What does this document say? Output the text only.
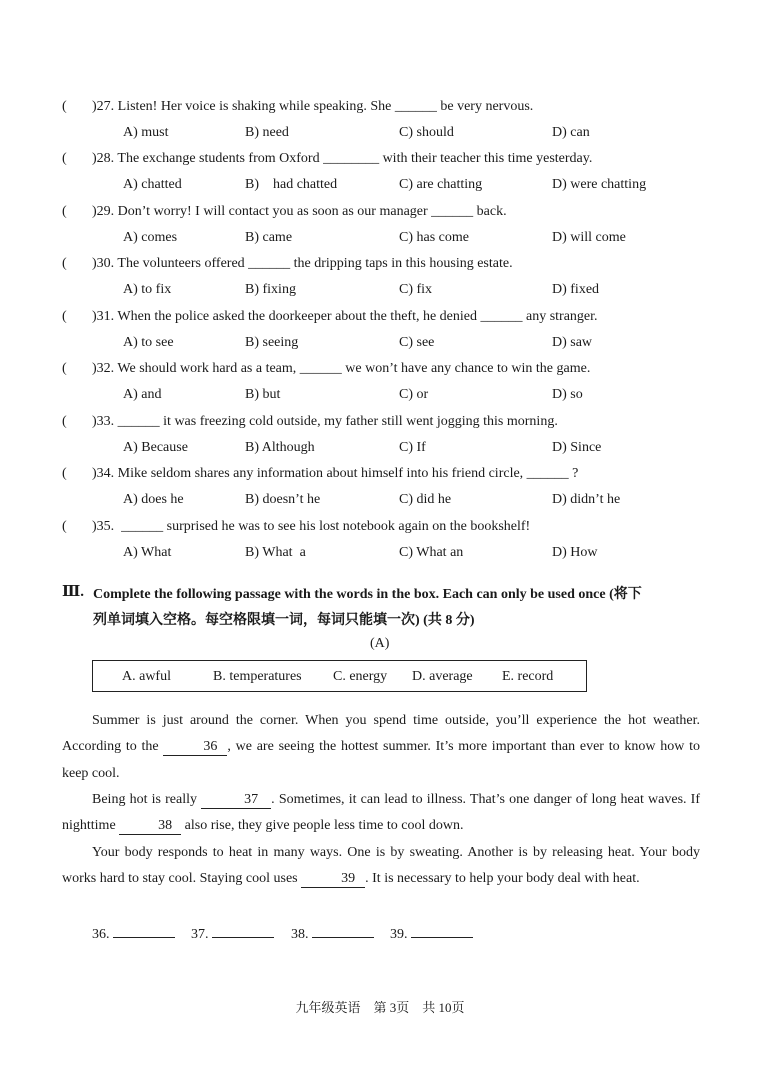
( )27. Listen! Her voice is shaking while speaking. She ______ be very nervous.
A) must	B) need	C) should	D) can
( )28. The exchange students from Oxford ________ with their teacher this time yesterday.
A) chatted	B)    had chatted	C) are chatting	D) were chatting
( )29. Don’t worry! I will contact you as soon as our manager ______ back.
A) comes	B) came	C) has come	D) will come
( )30. The volunteers offered ______ the dripping taps in this housing estate.
A) to fix	B) fixing	C) fix	D) fixed
( )31. When the police asked the doorkeeper about the theft, he denied ______ any stranger.
A) to see	B) seeing	C) see	D) saw
( )32. We should work hard as a team, ______ we won’t have any chance to win the game.
A) and	B) but	C) or	D) so
( )33. ______ it was freezing cold outside, my father still went jogging this morning.
A) Because	B) Although	C) If	D) Since
( )34. Mike seldom shares any information about himself into his friend circle, ______ ?
A) does he	B) doesn’t he	C) did he	D) didn’t he
( )35.  ______ surprised he was to see his lost notebook again on the bookshelf!
A) What	B) What  a	C) What an	D) How
Ⅲ. Complete the following passage with the words in the box. Each can only be used once (将下
列单词填入空格。每空格限填一词，每词只能填一次) (共 8 分)
(A)
A. awful	B. temperatures C. energy D. average E. record
Summer is just around the corner. When you spend time outside, you’ll experience the hot weather. According to the	36 , we are seeing the hottest summer. It’s more important than ever to know how to keep cool.
Being hot is really	37 . Sometimes, it can lead to illness. That’s one danger of long heat waves. If nighttime	38 also rise, they give people less time to cool down.
Your body responds to heat in many ways. One is by sweating. Another is by releasing heat. Your body works hard to stay cool. Staying cool uses	39 . It is necessary to help your body deal with heat.
36.	37.	38.	39.
九年级英语    第 3页    共 10页
